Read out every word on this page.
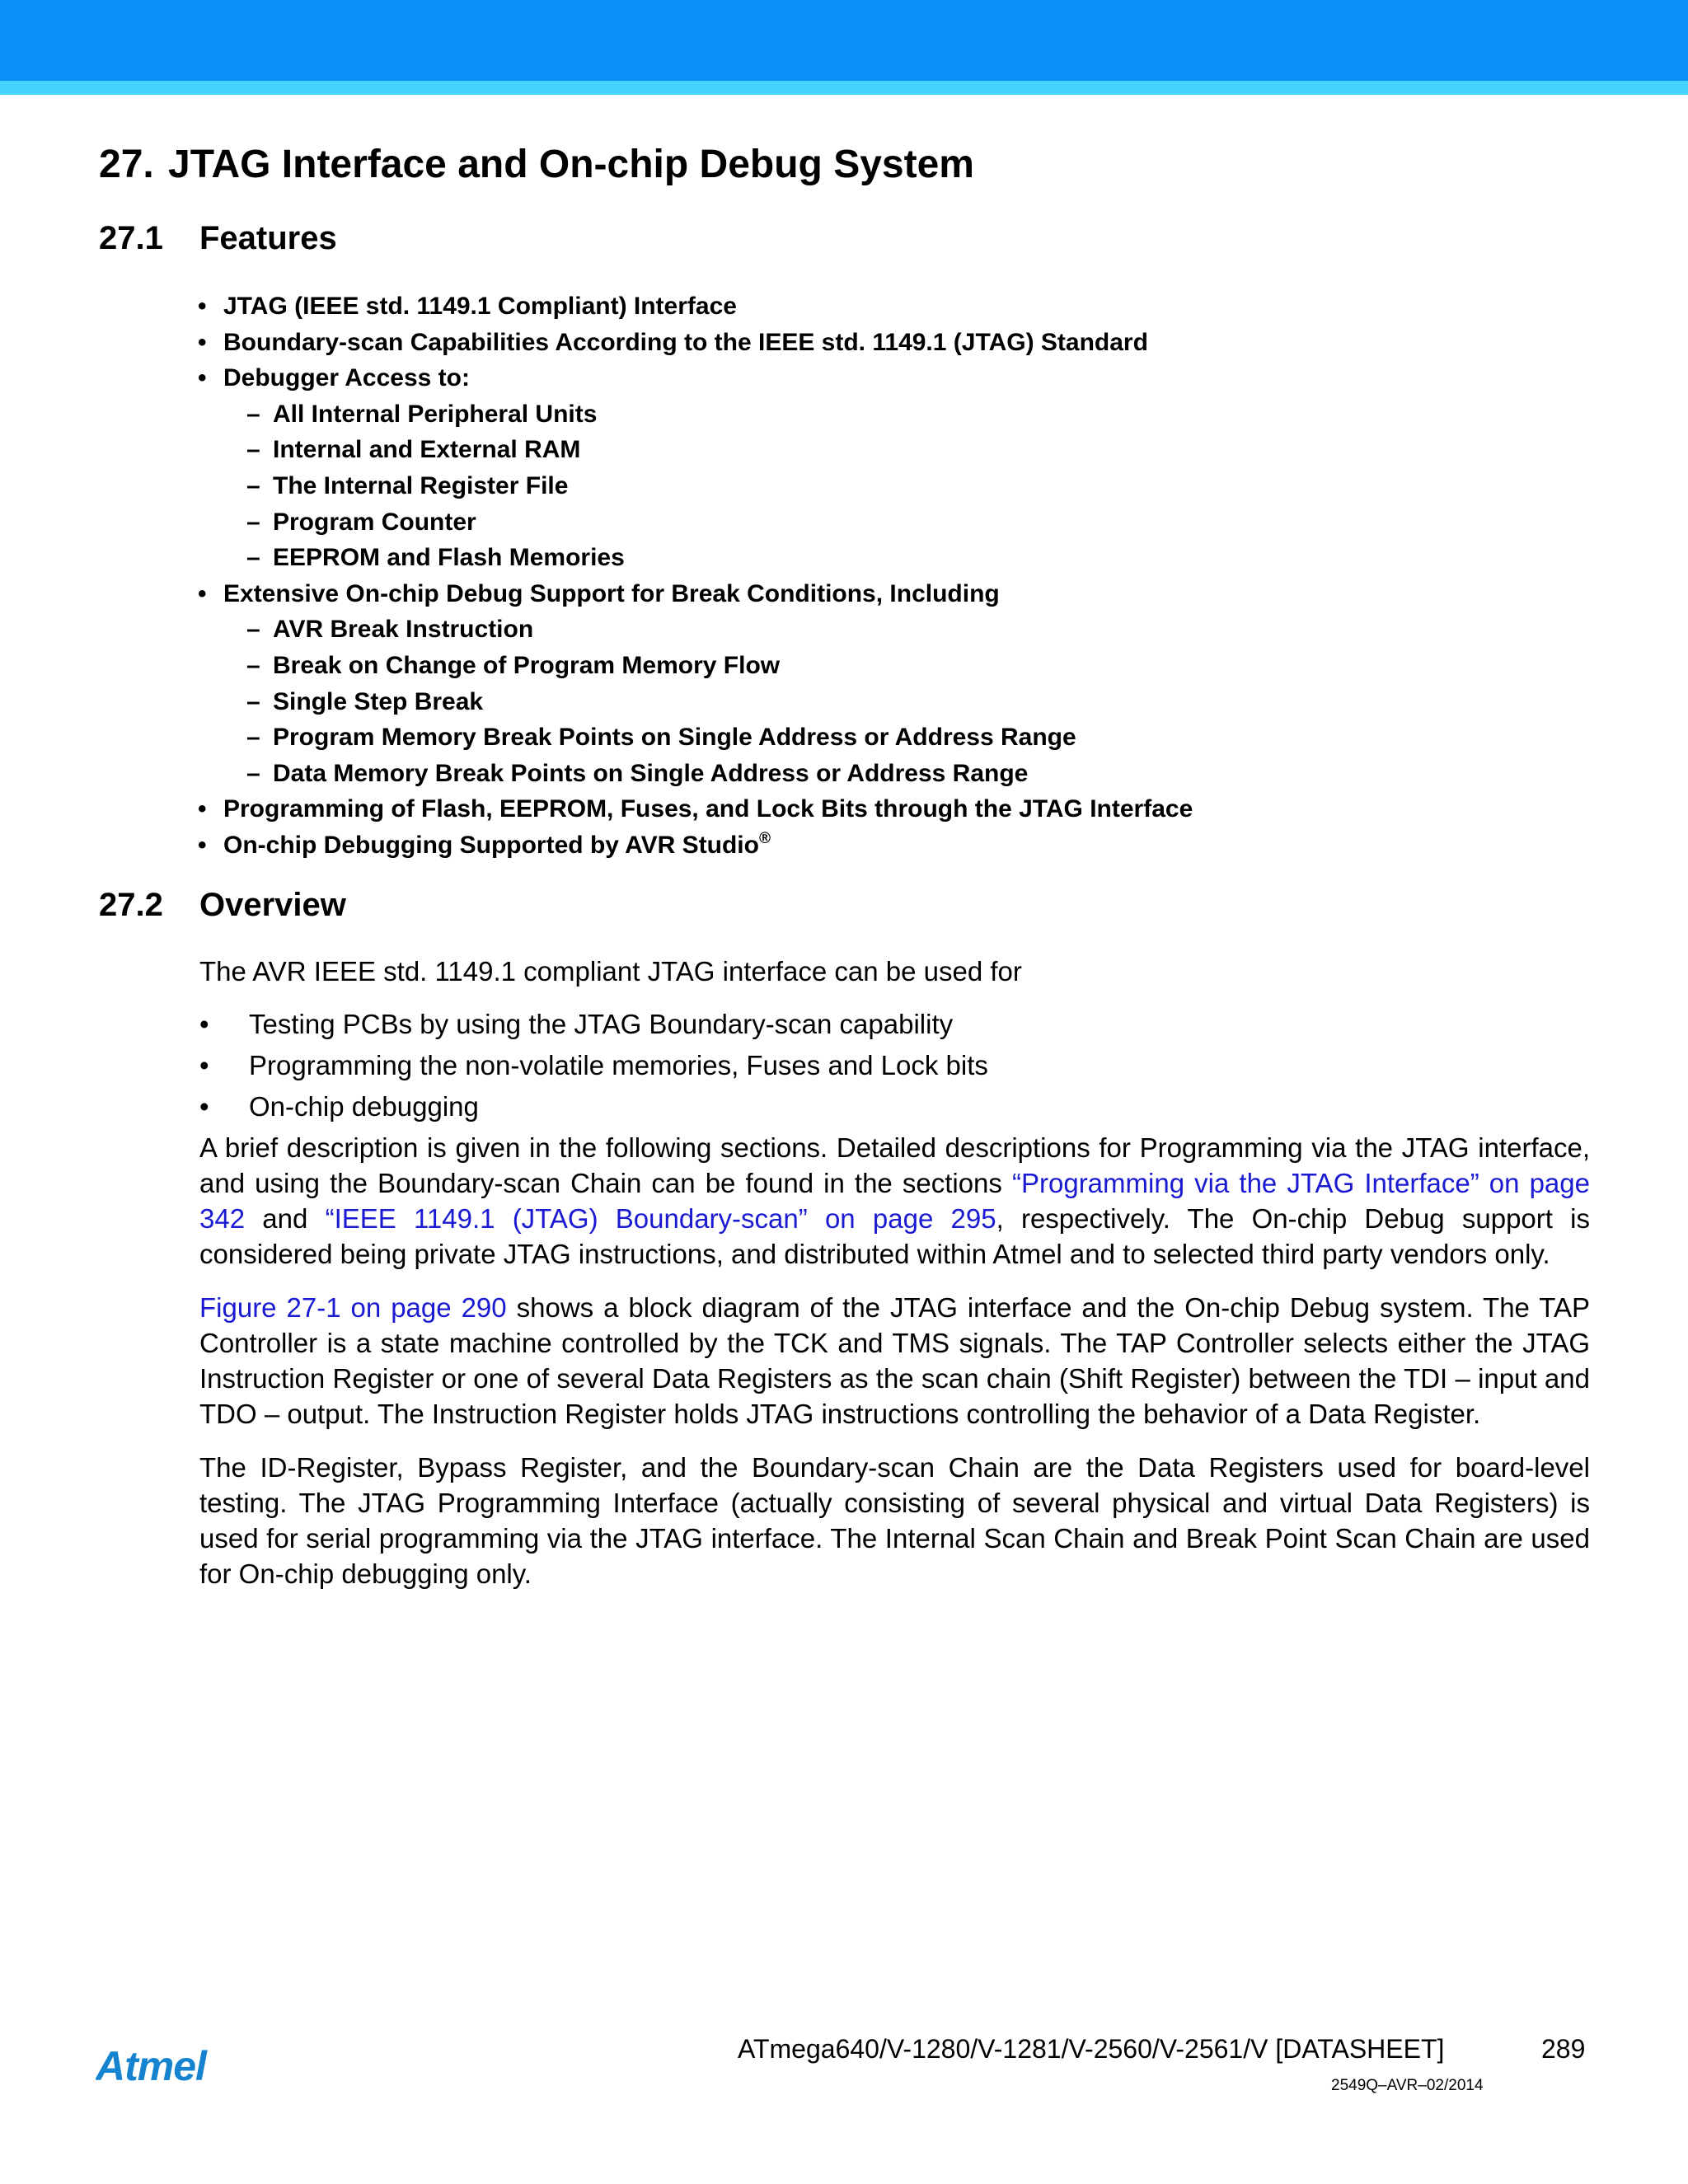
27. JTAG Interface and On-chip Debug System
27.1 Features
• JTAG (IEEE std. 1149.1 Compliant) Interface
• Boundary-scan Capabilities According to the IEEE std. 1149.1 (JTAG) Standard
• Debugger Access to:
– All Internal Peripheral Units
– Internal and External RAM
– The Internal Register File
– Program Counter
– EEPROM and Flash Memories
• Extensive On-chip Debug Support for Break Conditions, Including
– AVR Break Instruction
– Break on Change of Program Memory Flow
– Single Step Break
– Program Memory Break Points on Single Address or Address Range
– Data Memory Break Points on Single Address or Address Range
• Programming of Flash, EEPROM, Fuses, and Lock Bits through the JTAG Interface
• On-chip Debugging Supported by AVR Studio®
27.2 Overview

The AVR IEEE std. 1149.1 compliant JTAG interface can be used for

• Testing PCBs by using the JTAG Boundary-scan capability
• Programming the non-volatile memories, Fuses and Lock bits
• On-chip debugging

A brief description is given in the following sections. Detailed descriptions for Programming via the JTAG interface, and using the Boundary-scan Chain can be found in the sections “Programming via the JTAG Interface” on page 342 and “IEEE 1149.1 (JTAG) Boundary-scan” on page 295, respectively. The On-chip Debug support is considered being private JTAG instructions, and distributed within Atmel and to selected third party vendors only.

Figure 27-1 on page 290 shows a block diagram of the JTAG interface and the On-chip Debug system. The TAP Controller is a state machine controlled by the TCK and TMS signals. The TAP Controller selects either the JTAG Instruction Register or one of several Data Registers as the scan chain (Shift Register) between the TDI – input and TDO – output. The Instruction Register holds JTAG instructions controlling the behavior of a Data Register.

The ID-Register, Bypass Register, and the Boundary-scan Chain are the Data Registers used for board-level testing. The JTAG Programming Interface (actually consisting of several physical and virtual Data Registers) is used for serial programming via the JTAG interface. The Internal Scan Chain and Break Point Scan Chain are used for On-chip debugging only.

Atmel	ATmega640/V-1280/V-1281/V-2560/V-2561/V [DATASHEET]	289
2549Q–AVR–02/2014
